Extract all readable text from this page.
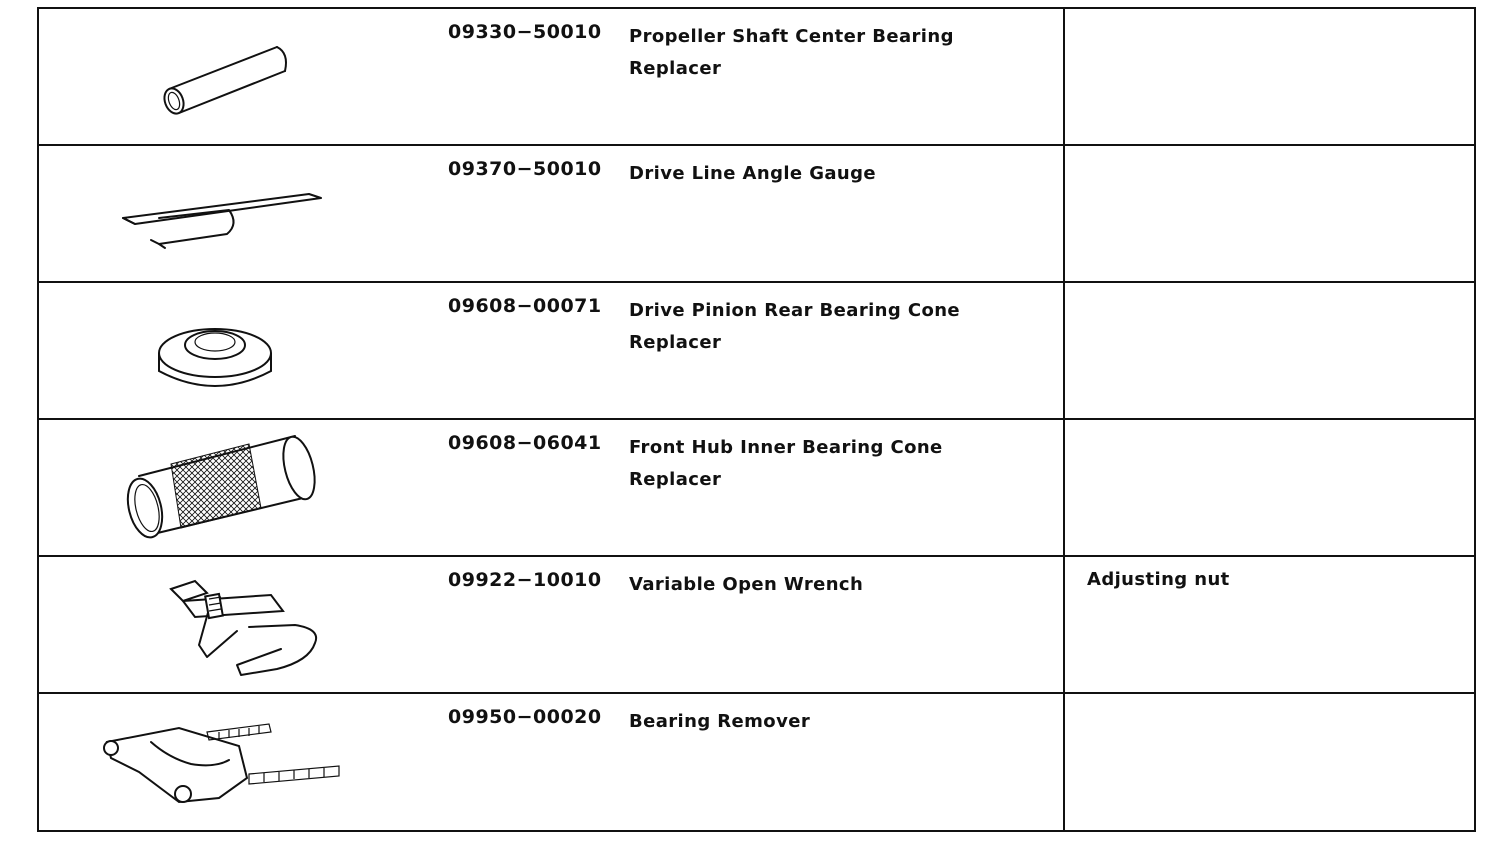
09330−50010 Propeller Shaft Center Bearing Replacer
09370−50010 Drive Line Angle Gauge
09608−00071 Drive Pinion Rear Bearing Cone Replacer
09608−06041 Front Hub Inner Bearing Cone Replacer
09922−10010 Variable Open Wrench	Adjusting nut
09950−00020 Bearing Remover
